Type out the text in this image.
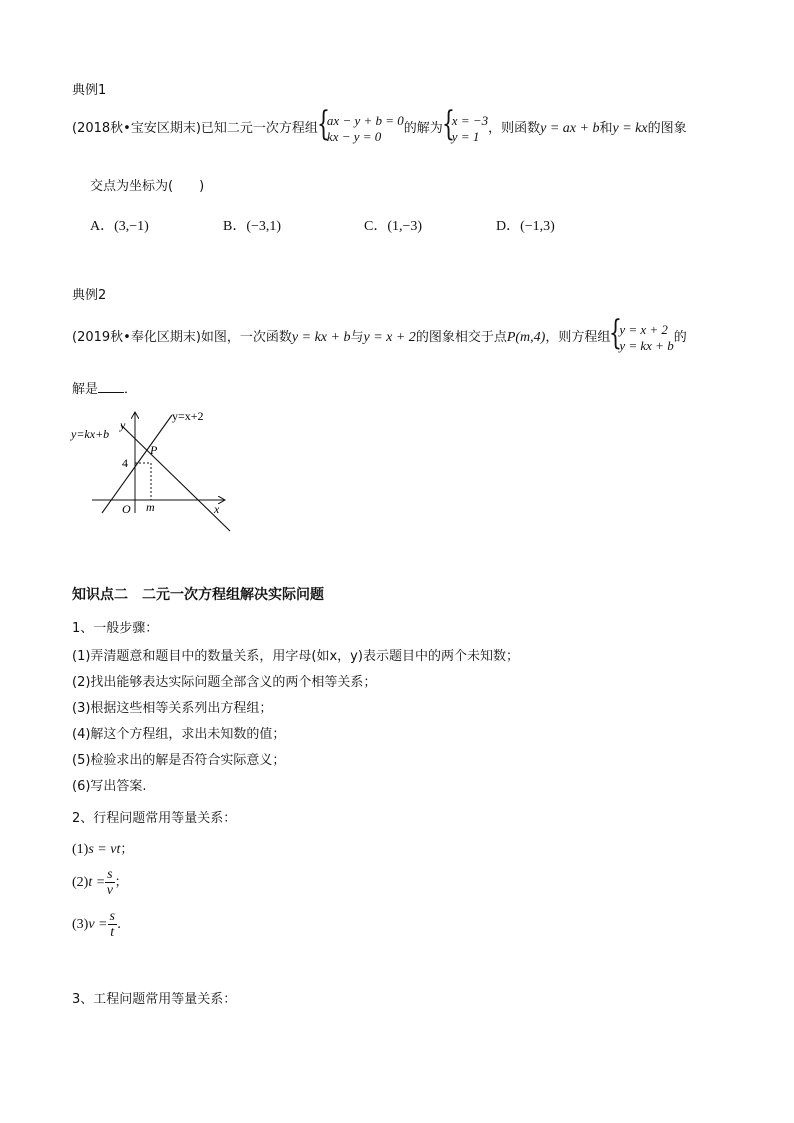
典例1
(2018秋•宝安区期末)已知二元一次方程组
{ ax − y + b = 0
kx − y = 0	的解为
{ x = −3
y = 1 ，则函数y = ax + b和y = kx的图象
交点为坐标为(　　)
A．(3,−1)	B．(−3,1)	C．(1,−3)	D．(−1,3)
典例2
(2019秋•奉化区期末)如图，一次函数y = kx + b与y = x + 2的图象相交于点P(m,4)，则方程组
{ y = x + 2
y = kx + b 的
解是 ．
y=kx+b
y=x+2
y
x
O
P
4
m
知识点二　二元一次方程组解决实际问题
1、一般步骤：
(1)弄清题意和题目中的数量关系，用字母(如x，y)表示题目中的两个未知数；
(2)找出能够表达实际问题全部含义的两个相等关系；
(3)根据这些相等关系列出方程组；
(4)解这个方程组，求出未知数的值；
(5)检验求出的解是否符合实际意义；
(6)写出答案.
2、行程问题常用等量关系：
(1)s = vt；
$(2)t = \frac{s}{v}$ ；
$(3)v = \frac{s}{t}$ .
3、工程问题常用等量关系：
